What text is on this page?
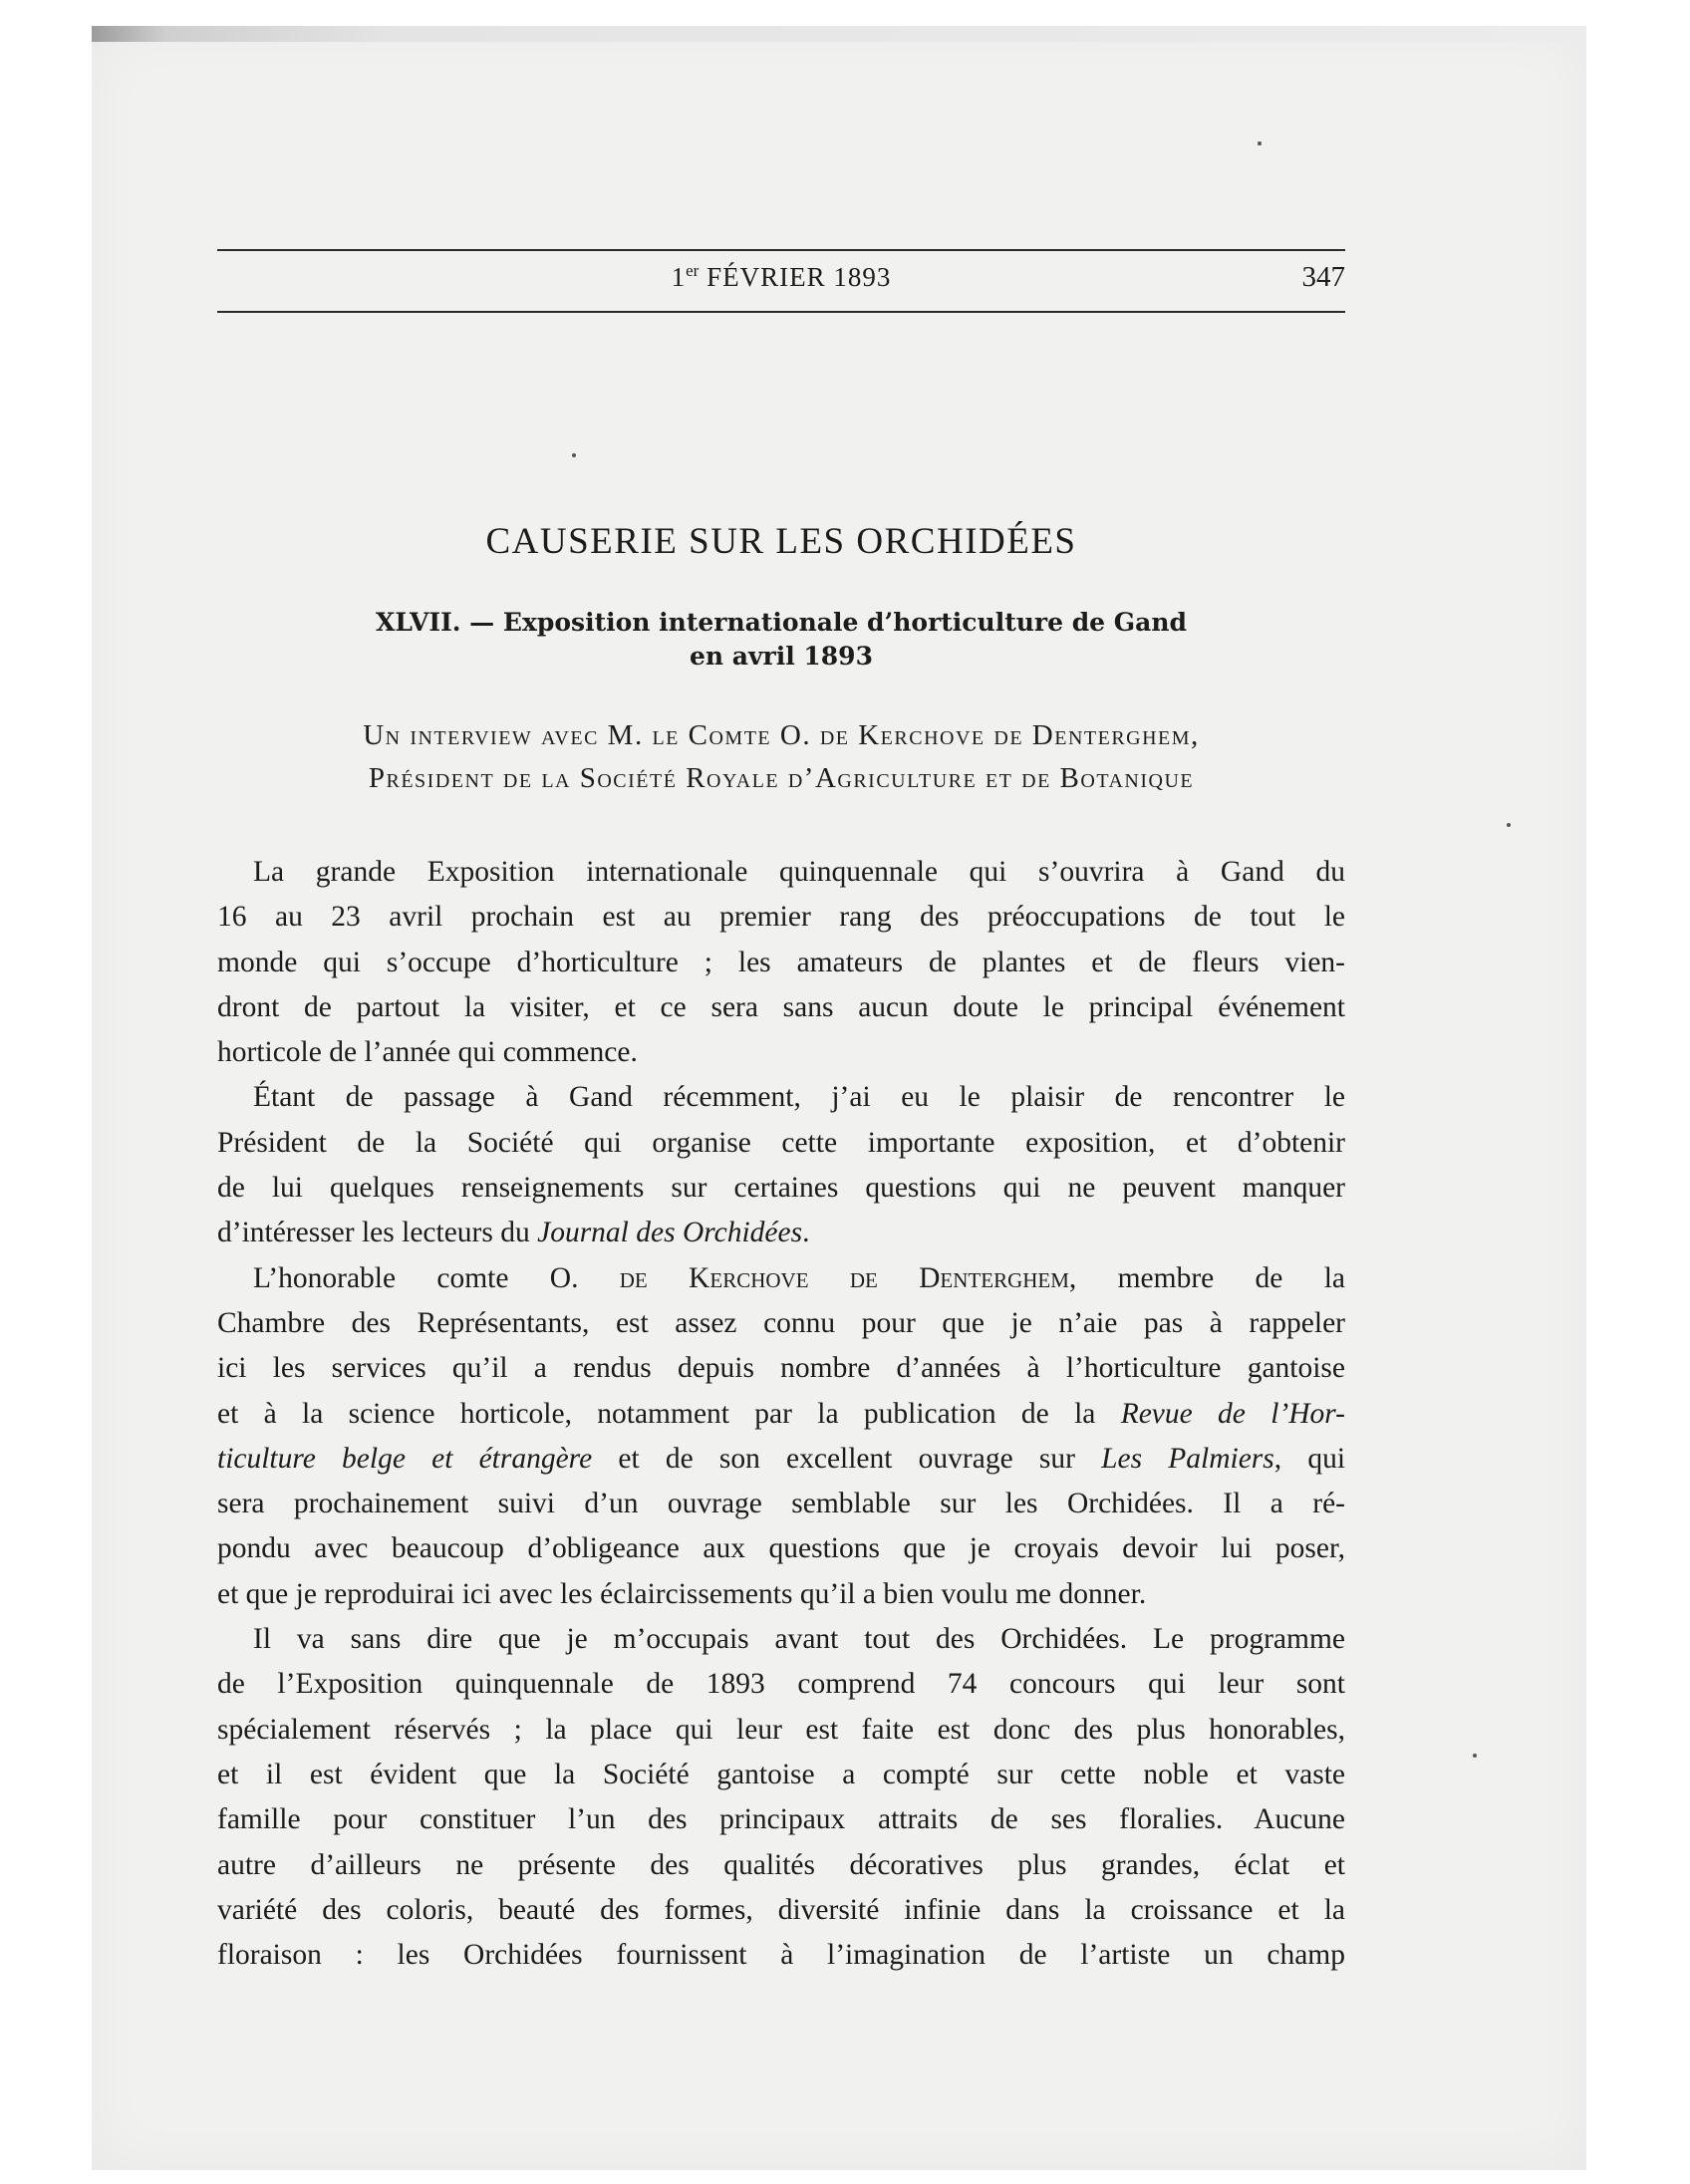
1er FÉVRIER 1893	347
CAUSERIE SUR LES ORCHIDÉES
XLVII. — Exposition internationale d’horticulture de Gand
en avril 1893
Un interview avec M. le Comte O. de Kerchove de Denterghem,
Président de la Société Royale d’Agriculture et de Botanique
La grande Exposition internationale quinquennale qui s’ouvrira à Gand du
16 au 23 avril prochain est au premier rang des préoccupations de tout le
monde qui s’occupe d’horticulture ; les amateurs de plantes et de fleurs vien-
dront de partout la visiter, et ce sera sans aucun doute le principal événement
horticole de l’année qui commence.
Étant de passage à Gand récemment, j’ai eu le plaisir de rencontrer le
Président de la Société qui organise cette importante exposition, et d’obtenir
de lui quelques renseignements sur certaines questions qui ne peuvent manquer
d’intéresser les lecteurs du Journal des Orchidées.
L’honorable comte O. de Kerchove de Denterghem, membre de la
Chambre des Représentants, est assez connu pour que je n’aie pas à rappeler
ici les services qu’il a rendus depuis nombre d’années à l’horticulture gantoise
et à la science horticole, notamment par la publication de la Revue de l’Hor-
ticulture belge et étrangère et de son excellent ouvrage sur Les Palmiers, qui
sera prochainement suivi d’un ouvrage semblable sur les Orchidées. Il a ré-
pondu avec beaucoup d’obligeance aux questions que je croyais devoir lui poser,
et que je reproduirai ici avec les éclaircissements qu’il a bien voulu me donner.
Il va sans dire que je m’occupais avant tout des Orchidées. Le programme
de l’Exposition quinquennale de 1893 comprend 74 concours qui leur sont
spécialement réservés ; la place qui leur est faite est donc des plus honorables,
et il est évident que la Société gantoise a compté sur cette noble et vaste
famille pour constituer l’un des principaux attraits de ses floralies. Aucune
autre d’ailleurs ne présente des qualités décoratives plus grandes, éclat et
variété des coloris, beauté des formes, diversité infinie dans la croissance et la
floraison : les Orchidées fournissent à l’imagination de l’artiste un champ
